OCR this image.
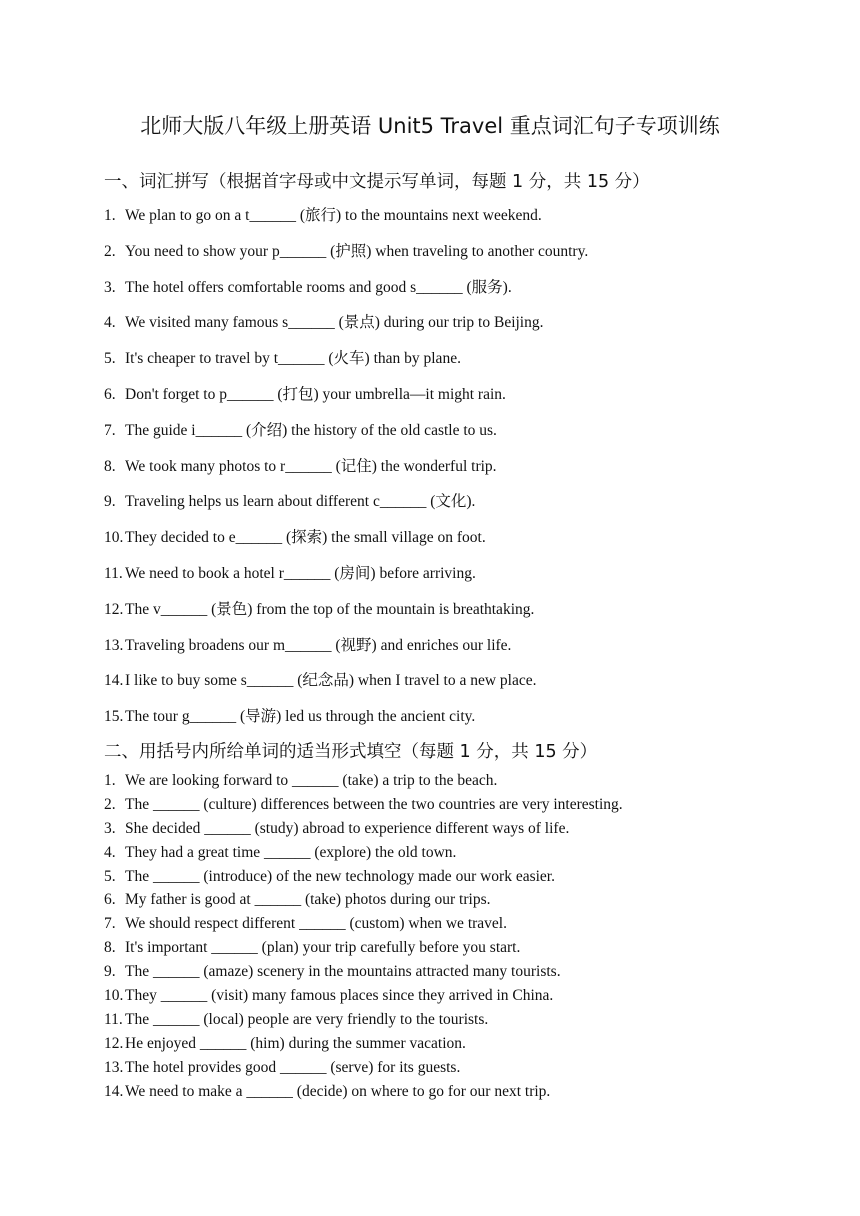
北师大版八年级上册英语 Unit5 Travel 重点词汇句子专项训练
一、词汇拼写（根据首字母或中文提示写单词，每题 1 分，共 15 分）
1. We plan to go on a t______ (旅行) to the mountains next weekend.
2. You need to show your p______ (护照) when traveling to another country.
3. The hotel offers comfortable rooms and good s______ (服务).
4. We visited many famous s______ (景点) during our trip to Beijing.
5. It's cheaper to travel by t______ (火车) than by plane.
6. Don't forget to p______ (打包) your umbrella—it might rain.
7. The guide i______ (介绍) the history of the old castle to us.
8. We took many photos to r______ (记住) the wonderful trip.
9. Traveling helps us learn about different c______ (文化).
10. They decided to e______ (探索) the small village on foot.
11. We need to book a hotel r______ (房间) before arriving.
12. The v______ (景色) from the top of the mountain is breathtaking.
13. Traveling broadens our m______ (视野) and enriches our life.
14. I like to buy some s______ (纪念品) when I travel to a new place.
15. The tour g______ (导游) led us through the ancient city.
二、用括号内所给单词的适当形式填空（每题 1 分，共 15 分）
1. We are looking forward to ______ (take) a trip to the beach.
2. The ______ (culture) differences between the two countries are very interesting.
3. She decided ______ (study) abroad to experience different ways of life.
4. They had a great time ______ (explore) the old town.
5. The ______ (introduce) of the new technology made our work easier.
6. My father is good at ______ (take) photos during our trips.
7. We should respect different ______ (custom) when we travel.
8. It's important ______ (plan) your trip carefully before you start.
9. The ______ (amaze) scenery in the mountains attracted many tourists.
10. They ______ (visit) many famous places since they arrived in China.
11. The ______ (local) people are very friendly to the tourists.
12. He enjoyed ______ (him) during the summer vacation.
13. The hotel provides good ______ (serve) for its guests.
14. We need to make a ______ (decide) on where to go for our next trip.
